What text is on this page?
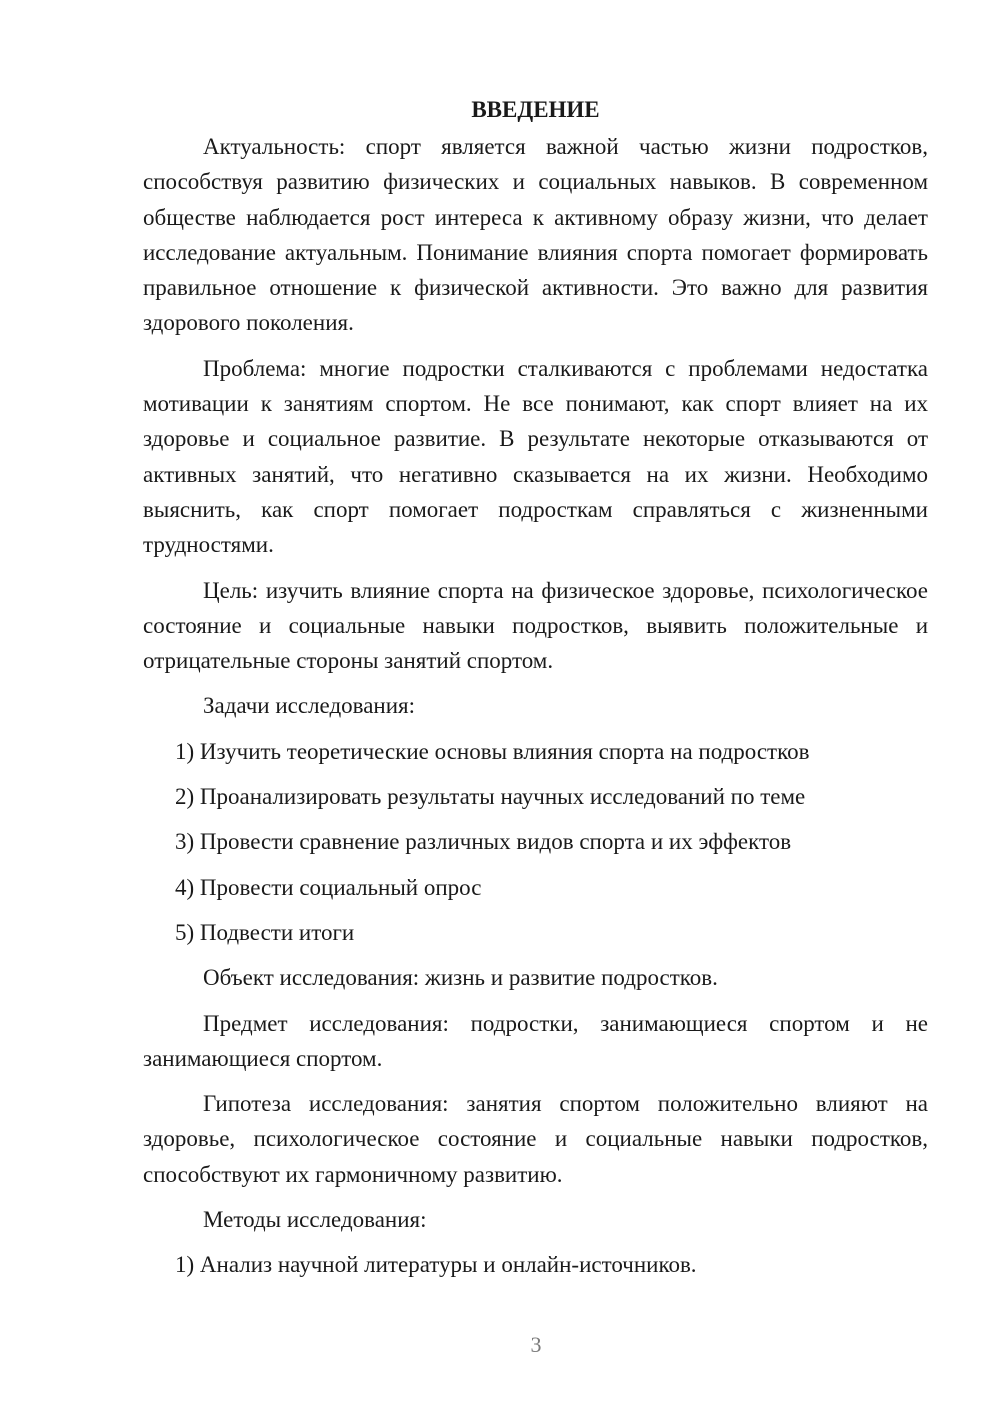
ВВЕДЕНИЕ

Актуальность: спорт является важной частью жизни подростков, способствуя развитию физических и социальных навыков. В современном обществе наблюдается рост интереса к активному образу жизни, что делает исследование актуальным. Понимание влияния спорта помогает формировать правильное отношение к физической активности. Это важно для развития здорового поколения.

Проблема: многие подростки сталкиваются с проблемами недостатка мотивации к занятиям спортом. Не все понимают, как спорт влияет на их здоровье и социальное развитие. В результате некоторые отказываются от активных занятий, что негативно сказывается на их жизни. Необходимо выяснить, как спорт помогает подросткам справляться с жизненными трудностями.

Цель: изучить влияние спорта на физическое здоровье, психологическое состояние и социальные навыки подростков, выявить положительные и отрицательные стороны занятий спортом.

Задачи исследования:

1) Изучить теоретические основы влияния спорта на подростков
2) Проанализировать результаты научных исследований по теме
3) Провести сравнение различных видов спорта и их эффектов
4) Провести социальный опрос
5) Подвести итоги

Объект исследования: жизнь и развитие подростков.

Предмет исследования: подростки, занимающиеся спортом и не занимающиеся спортом.

Гипотеза исследования: занятия спортом положительно влияют на здоровье, психологическое состояние и социальные навыки подростков, способствуют их гармоничному развитию.

Методы исследования:

1) Анализ научной литературы и онлайн-источников.
3
